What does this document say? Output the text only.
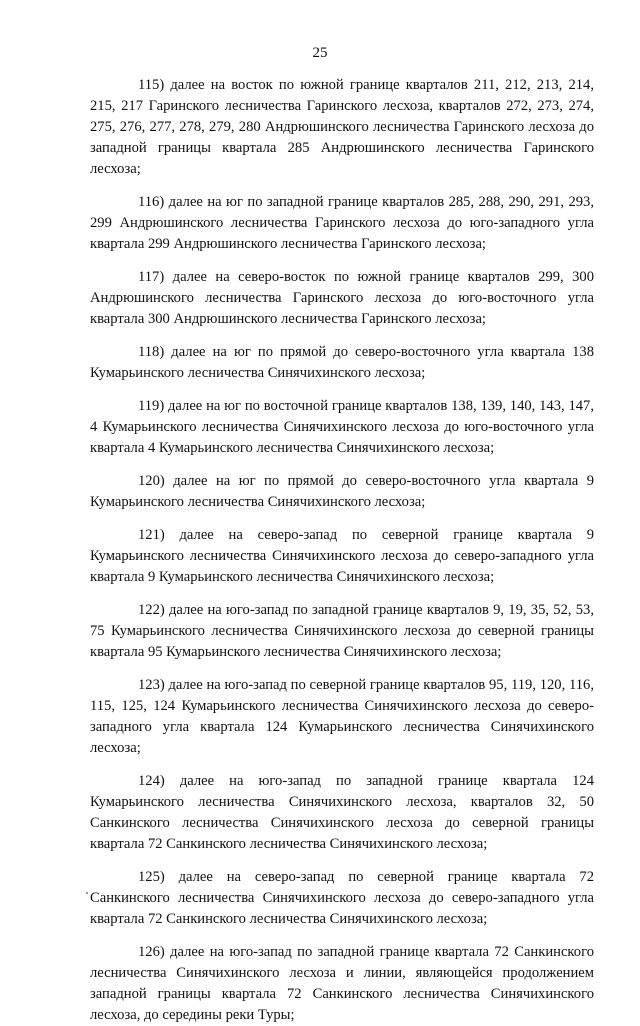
25

115) далее на восток по южной границе кварталов 211, 212, 213, 214, 215, 217 Гаринского лесничества Гаринского лесхоза, кварталов 272, 273, 274, 275, 276, 277, 278, 279, 280 Андрюшинского лесничества Гаринского лесхоза до западной границы квартала 285 Андрюшинского лесничества Гаринского лесхоза;

116) далее на юг по западной границе кварталов 285, 288, 290, 291, 293, 299 Андрюшинского лесничества Гаринского лесхоза до юго-западного угла квартала 299 Андрюшинского лесничества Гаринского лесхоза;

117) далее на северо-восток по южной границе кварталов 299, 300 Андрюшинского лесничества Гаринского лесхоза до юго-восточного угла квартала 300 Андрюшинского лесничества Гаринского лесхоза;

118) далее на юг по прямой до северо-восточного угла квартала 138 Кумарьинского лесничества Синячихинского лесхоза;

119) далее на юг по восточной границе кварталов 138, 139, 140, 143, 147, 4 Кумарьинского лесничества Синячихинского лесхоза до юго-восточного угла квартала 4 Кумарьинского лесничества Синячихинского лесхоза;

120) далее на юг по прямой до северо-восточного угла квартала 9 Кумарьинского лесничества Синячихинского лесхоза;

121) далее на северо-запад по северной границе квартала 9 Кумарьинского лесничества Синячихинского лесхоза до северо-западного угла квартала 9 Кумарьинского лесничества Синячихинского лесхоза;

122) далее на юго-запад по западной границе кварталов 9, 19, 35, 52, 53, 75 Кумарьинского лесничества Синячихинского лесхоза до северной границы квартала 95 Кумарьинского лесничества Синячихинского лесхоза;

123) далее на юго-запад по северной границе кварталов 95, 119, 120, 116, 115, 125, 124 Кумарьинского лесничества Синячихинского лесхоза до северо-западного угла квартала 124 Кумарьинского лесничества Синячихинского лесхоза;

124) далее на юго-запад по западной границе квартала 124 Кумарьинского лесничества Синячихинского лесхоза, кварталов 32, 50 Санкинского лесничества Синячихинского лесхоза до северной границы квартала 72 Санкинского лесничества Синячихинского лесхоза;

125) далее на северо-запад по северной границе квартала 72 Санкинского лесничества Синячихинского лесхоза до северо-западного угла квартала 72 Санкинского лесничества Синячихинского лесхоза;

126) далее на юго-запад по западной границе квартала 72 Санкинского лесничества Синячихинского лесхоза и линии, являющейся продолжением западной границы квартала 72 Санкинского лесничества Синячихинского лесхоза, до середины реки Туры;
